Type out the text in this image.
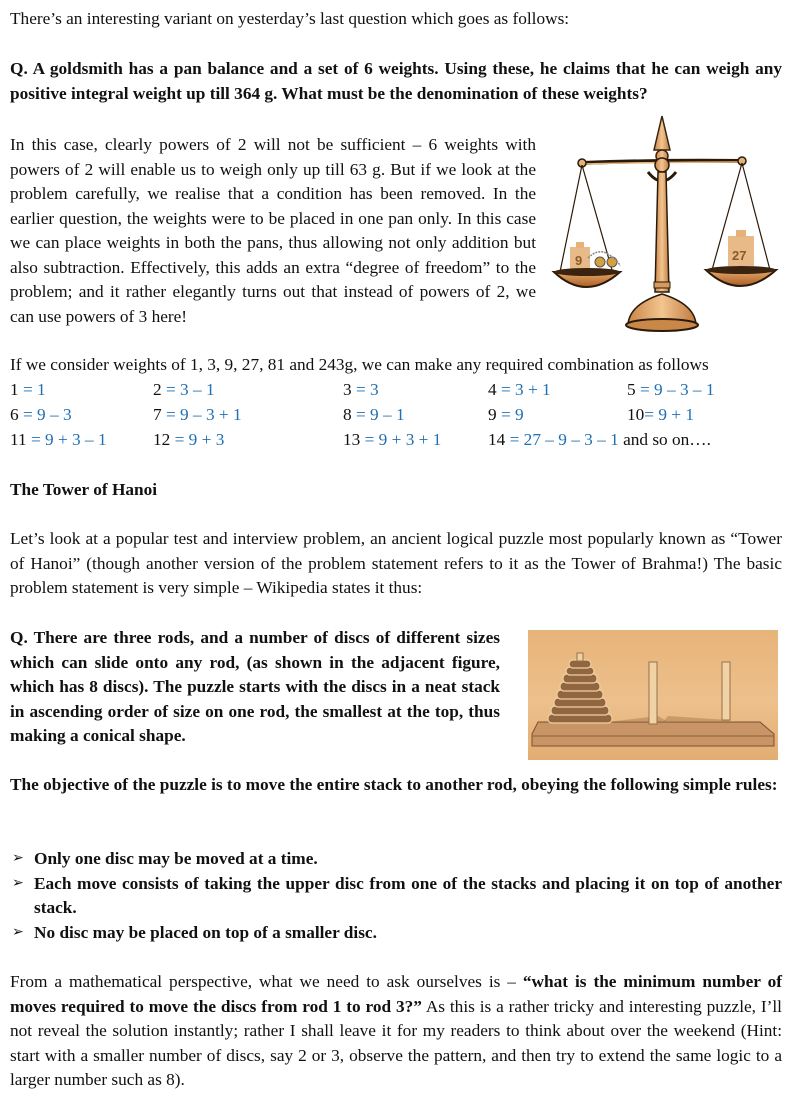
There’s an interesting variant on yesterday’s last question which goes as follows:

Q. A goldsmith has a pan balance and a set of 6 weights. Using these, he claims that he can weigh any positive integral weight up till 364 g. What must be the denomination of these weights?

In this case, clearly powers of 2 will not be sufficient – 6 weights with powers of 2 will enable us to weigh only up till 63 g. But if we look at the problem carefully, we realise that a condition has been removed. In the earlier question, the weights were to be placed in one pan only. In this case we can place weights in both the pans, thus allowing not only addition but also subtraction. Effectively, this adds an extra “degree of freedom” to the problem; and it rather elegantly turns out that instead of powers of 2, we can use powers of 3 here!

9	27

If we consider weights of 1, 3, 9, 27, 81 and 243g, we can make any required combination as follows

1 = 1	2 = 3 – 1	3 = 3	4 = 3 + 1	5 = 9 – 3 – 1
6 = 9 – 3	7 = 9 – 3 + 1	8 = 9 – 1	9 = 9	10= 9 + 1
11 = 9 + 3 – 1	12 = 9 + 3	13 = 9 + 3 + 1	14 = 27 – 9 – 3 – 1 and so on….

The Tower of Hanoi

Let’s look at a popular test and interview problem, an ancient logical puzzle most popularly known as “Tower of Hanoi” (though another version of the problem statement refers to it as the Tower of Brahma!) The basic problem statement is very simple – Wikipedia states it thus:

Q. There are three rods, and a number of discs of different sizes which can slide onto any rod, (as shown in the adjacent figure, which has 8 discs). The puzzle starts with the discs in a neat stack in ascending order of size on one rod, the smallest at the top, thus making a conical shape.

The objective of the puzzle is to move the entire stack to another rod, obeying the following simple rules:

➢ Only one disc may be moved at a time.
➢ Each move consists of taking the upper disc from one of the stacks and placing it on top of another stack.
➢ No disc may be placed on top of a smaller disc.

From a mathematical perspective, what we need to ask ourselves is – “what is the minimum number of moves required to move the discs from rod 1 to rod 3?” As this is a rather tricky and interesting puzzle, I’ll not reveal the solution instantly; rather I shall leave it for my readers to think about over the weekend (Hint: start with a smaller number of discs, say 2 or 3, observe the pattern, and then try to extend the same logic to a larger number such as 8).
